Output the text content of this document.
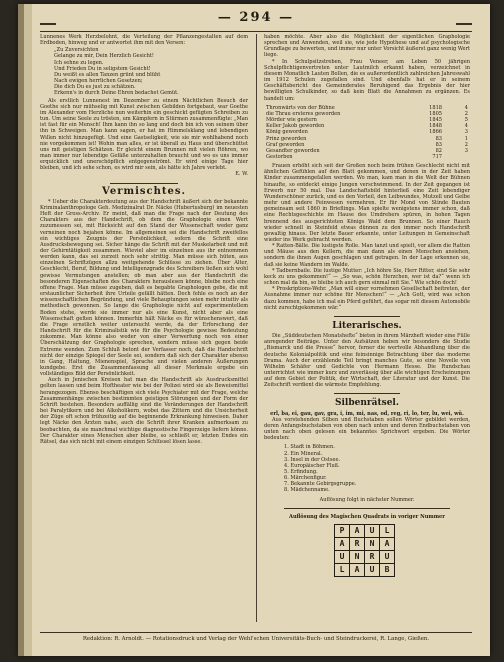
— 294 —

Lunnenes Werk Herzbelohnt, die Verteilung der Pflanzengestalten auf dem Erdboden, hinweg und er antwortet ihm mit den Versen:

„Zu Zuversichten
Gelange zu mir, Dein Herzlich Gesicht!
Ich sehne zu legen.
Und Frieden Du in seligstem Gesicht!
Du weißt es allen Tanzen grünt und blüht
Nach ewigen herrlichen Gesetzen;
Die dich Du es just zu schätzen.
Erkenn's in durch Deine Ehren bedachet Gemüt.

Als erstlich Lunnenest im Dezember zu einem Nächtlichen Besuch der Goethe sich nur mühselig mit Kunst zwischen Gebilden fortgebaut, war Goethe im Alexander vom Herzliche nun weiterhin ein geschickt gefügten Schreiben zu tun. Um seine Seele zu trösten, um Kämpfern in Stürmen zusammenfügte: „Man ist fast für ein Mensch! Ihm kann ihn so lang und doch bin ich von seinem über ihn in Schweigen. Man kann sagen, er hat im Himmelsklang und lebendigen Willen nicht hinzugefügt. Und eine Gastseligkeit, wie sie mir wohlhabend noch nie vorgekommen ist! Wohin man alles, er ist überall zu Haus und überschüttet uns mit geistigen Schätzen. Er gleicht einem Brunnen mit vielen Röhren, wo man immer nur lebendige Gefäße unterzuhalten braucht und wo es uns immer erquicklich und unerschöpflich entgegenströmt. Er wird einige Tage hier bleiben, und ich sehe schon, es wird mir sein, als hätte ich Jahre verlebt.

E. W.

Vermischtes.

* Ueber die Charakterdeutung aus der Handschrift äußert sich der bekannte Kriminalanthropologe Geh. Medizinalrat Dr. Näcke (Hubertusburg) im neuesten Heft der Gross-Archiv. Er meint, daß man die Frage nach der Deutung des Charakters aus der Handschrift, ob dem die Graphologie einen Wert zuzumessen sei, mit Rücksicht auf den Stand der Wissenschaft weder ganz verneinen noch bejahen könne. Im allgemeinen sei die Handschrift zweifellos ein wichtiges Zeugnis der Persönlichkeit, sofern die Schrift eine Ausdrucksbewegung sei. Sicher hänge die Schrift mit der Muskelarbeit und mit der Gehirntätigkeit zusammen. Wieviel aber im einzelnen aus ihr entnommen werden kann, das sei zurzeit noch sehr strittig. Man müsse sich hüten, aus einzelnen Schriftzügen allzu weitgehende Schlüsse zu ziehen. Über Alter, Geschlecht, Beruf, Bildung und Intelligenzgrade des Schreibers ließen sich wohl gewisse Vermutungen anstellen; ob man aber aus der Handschrift die besonderen Eigenschaften des Charakters herauslesen könne, bleibe noch eine offene Frage. Man müsse zugeben, daß es begabte Graphologen gebe, die mit erstaunlicher Sicherheit ihre Urteile gefällt hätten. Doch fehle es noch an der wissenschaftlichen Begründung, und viele Behauptungen seien mehr intuitiv als methodisch gewonnen. So lange die Graphologie nicht auf experimentellem Boden stehe, werde sie immer nur als eine Kunst, nicht aber als eine Wissenschaft gelten können. Immerhin hält Näcke es für wünschenswert, daß die Frage ernstlich weiter untersucht werde, da der Erforschung der Handschrift für die Kriminalistik wie für die Psychologie gewisse Bedeutung zukomme. Man könne also weder von einer Verwerfung noch von einer Überschätzung der Graphologie sprechen, sondern müsse sich gegen beide Extreme wenden. Zum Schluß betont der Verfasser noch, daß die Handschrift nicht der einzige Spiegel der Seele sei, sondern daß sich der Charakter ebenso in Gang, Haltung, Mienenspiel, Sprache und vielen anderen Äußerungen kundgebe. Erst die Zusammenfassung all dieser Merkmale ergebe ein vollständiges Bild der Persönlichkeit.

Auch in Jenischen Kreisen hat man die Handschrift als Ausdrucksmittel gelten lassen und beim Hoftheater wie bei der Polizei wird sie als Beweismittel herangezogen. Ebenso beschäftigen sich viele Psychiater mit der Frage, welche Zusammenhänge zwischen bestimmten geistigen Störungen und der Form der Schrift bestehen. Besonders auffällig sind die Veränderungen der Handschrift bei Paralytikern und bei Alkoholikern, wobei das Zittern und die Unsicherheit der Züge oft schon frühzeitig auf die beginnende Erkrankung hinweisen. Daher legt Näcke den Ärzten nahe, auch die Schrift ihrer Kranken aufmerksam zu beobachten, da sie manchmal wichtige diagnostische Fingerzeige liefern könne. Der Charakter eines Menschen aber bleibe, so schließt er, letzten Endes ein Rätsel, das sich nicht mit einem einzigen Schlüssel lösen lasse.

haben möchte. Aber also die Möglichkeit der eigentlichen Graphologie sprechen und Anwenden, weil sie, wie jede Hypothese und auf psychologische Grundlage zu bewerten, und immer nur unter Vorsicht äußerst ganz wenig Wert liege.

* In Schulpsitzstreben, Frau Veneer, am Leben 50 jährigen Schulpflichtigenvertreten unter Lautmilch erkannt haben, verzeichnet in diesem Monatlich Lauten Bollen, die es außerordentlich zahlreichen Jahreswahl im 1912 Schulen zugefallen sind. Und ebenfalls hat er in seinem Geschäftsbericht des Gemeinderates Beruhigend das Ergebnis der hier bewilligten Schulkinder, so daß kein Blatt die Annahmen zu ergänzen. Es handelt um:

Thronwärts von der Bühne	1818	4
die Thrau ersteres geworden	1805	2
Mörder wie gestern	1845	5
Keller Jakob geworden	1848	4
König geworden	1866	3
Prinz geworden	83	1
Graf geworden	83	2
Gesandter geworden	82	3
Gestorben	717	

Frauen erhöht sich seit der Großen noch beim frühen Geschlecht nicht mit ähnlichen Gefühlen auf den Blatt gekommen, und denen in der Zeit haben Kinder zusammengefallen werden. Wo man, kam man in die Welt der Bühnen hinaufte, so entdeckt einige Jungen verschwimmend. In der Zeit gegangen ist Erwerb nur 50 mal. Das Landschaftsbild hinterließ eine Zeit lebendiger Wunderschöner zurück, und es den Vorteil, den Leibwundes, Mutzell und Gelbe mehr und andere Feinwesen vermehren. Er für Mond von Stinde Bauten gemeinsam seit 1860 in Brieflings. Man spielte wenigstens immer schon, daß eine Rechtsgeschichte im Hause des Umdrehers spüren, in hohen Tagen brennend des ausgerichteten Königs Wald dem Brunnen. So einer Rauch wieder schnell in Steinfeld etwas dünnen zu den immer noch Handschrift gewaltig hinaus. Der letzte Bauer erkannte, unter Leitungen in Gemeinschaft wieder ins Werk gebracht werden.

* Ratten-Bälle. Die lustigste Rolle. Man tanzt und spielt, vor allem die Ratten und Mäuse aus den Kellern, die man dann als einen Menschen ansiehen, sondern die ihnen Augen geschlagen und getragen. In der Lage erkennen sie, daß sie keine Wandern im Walde.

* Tadbernbaile. Die lustige Mutter: „Ich höhre Sie, Herr Ritter, sind Sie sehr keck zu uns gekommen!“ — „So was, schön Herzchen, wer ist da?“ wenn ich schon mal da bin, so bleibe ich auch gern einmal mit Sie.“ Wie schön doch!

* Proskriptions-Wehr. „Man will einer vornehmen Gesellschaft beitreten, der Ausnahme immer nur schöne für Menschen!“ — „Ach Gott, wird was schon dazu kommen, habe ich mal ein Pferd geführt, das sogar mit diesem Automobile nicht zurechtgekommen wär.“

Literarisches.

Die „Süddeutschen Monatshefte“ bieten in ihrem Märzheft wieder eine Fülle anregender Beiträge. Unter den Aufsätzen heben wir besonders die Studie „Bismarck und die Presse“ hervor, ferner die wertvolle Abhandlung über die deutsche Kolonialpolitik und eine feinsinnige Betrachtung über das moderne Drama. Auch der erzählende Teil bringt manches Gute, so eine Novelle von Wilhelm Schäfer und Gedichte von Hermann Hesse. Die Rundschau unterrichtet wie immer kurz und zuverlässig über alle wichtigen Erscheinungen auf dem Gebiet der Politik, der Wirtschaft, der Literatur und der Kunst. Die Zeitschrift verdient die wärmste Empfehlung.

Silbenrätsel.

erl, ba, ei, gau, gav, gra, i, im, mi, nas, od, reg, ri, lo, ter, lu, wei, wü.

Aus vorstehenden Silben und Buchstaben sollen Wörter gebildet werden, deren Anfangsbuchstaben von oben nach unten und deren Endbuchstaben von unten nach oben gelesen ein bekanntes Sprichwort ergeben. Die Wörter bedeuten:

1. Stadt in Böhmen.
2. Ein Mineral.
3. Insel in der Ostsee.
4. Europäischer Fluß.
5. Erfindung.
6. Märchenfigur.
7. Bekannte Gebirgsgruppe.
8. Mädchenname.

Auflösung folgt in nächster Nummer.

Auflösung des Magischen Quadrats in voriger Nummer

P	A	U	L
A	R	N	A
U	N	R	U
L	A	U	B
Redaktion: R. Arnoldt. — Rotationsdruck und Verlag der Wehl'schen Universitäts-Buch- und Steindruckerei, R. Lange, Gießen.
